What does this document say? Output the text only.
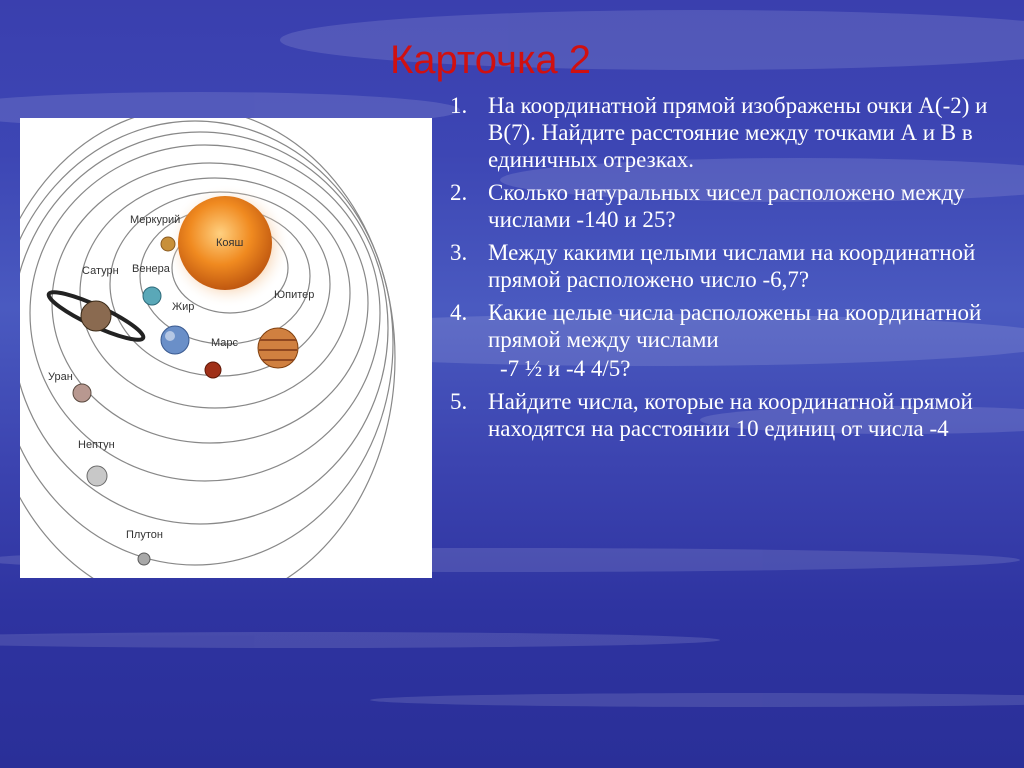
Карточка 2
Кояш
Меркурий
Венера
Жир
Марс
Юпитер
Сатурн
Уран
Нептун
Плутон
1. На координатной прямой изображены очки А(-2) и В(7). Найдите расстояние между точками А и В в единичных отрезках.
2. Сколько натуральных чисел расположено между числами -140 и 25?
3. Между какими целыми числами на координатной прямой расположено число -6,7?
4. Какие целые числа расположены на координатной прямой между числами
-7 ½ и -4 4/5?
5. Найдите числа, которые на координатной прямой находятся на расстоянии 10 единиц от числа -4
